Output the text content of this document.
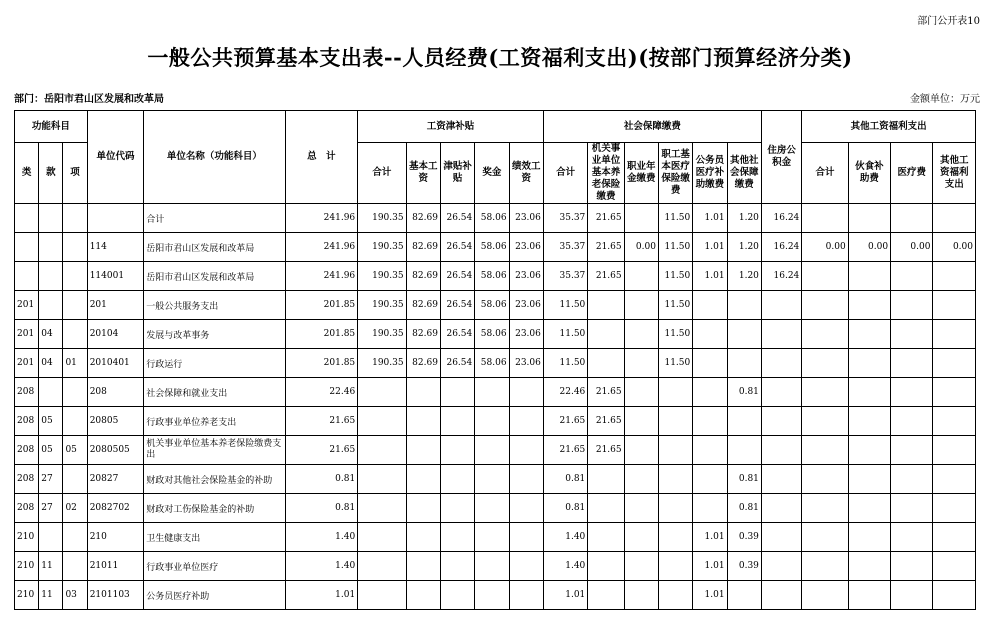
部门公开表10
一般公共预算基本支出表--人员经费(工资福利支出)(按部门预算经济分类)
部门：岳阳市君山区发展和改革局	金额单位：万元
功能科目			单位代码	单位名称（功能科目）	总　计	工资津补贴					社会保障缴费						住房公积金	其他工资福利支出			
类	款	项				合计	基本工资	津贴补贴	奖金	绩效工资	合计	机关事业单位基本养老保险缴费	职业年金缴费	职工基本医疗保险缴费	公务员医疗补助缴费	其他社会保障缴费		合计	伙食补助费	医疗费	其他工资福利支出
				合计	241.96	190.35	82.69	26.54	58.06	23.06	35.37	21.65		11.50	1.01	1.20	16.24				
			114	岳阳市君山区发展和改革局	241.96	190.35	82.69	26.54	58.06	23.06	35.37	21.65	0.00	11.50	1.01	1.20	16.24	0.00	0.00	0.00	0.00
			114001	岳阳市君山区发展和改革局	241.96	190.35	82.69	26.54	58.06	23.06	35.37	21.65		11.50	1.01	1.20	16.24				
201			201	一般公共服务支出	201.85	190.35	82.69	26.54	58.06	23.06	11.50			11.50							
201	04		20104	发展与改革事务	201.85	190.35	82.69	26.54	58.06	23.06	11.50			11.50							
201	04	01	2010401	行政运行	201.85	190.35	82.69	26.54	58.06	23.06	11.50			11.50							
208			208	社会保障和就业支出	22.46						22.46	21.65				0.81					
208	05		20805	行政事业单位养老支出	21.65						21.65	21.65									
208	05	05	2080505	机关事业单位基本养老保险缴费支出	21.65						21.65	21.65									
208	27		20827	财政对其他社会保险基金的补助	0.81						0.81					0.81					
208	27	02	2082702	财政对工伤保险基金的补助	0.81						0.81					0.81					
210			210	卫生健康支出	1.40						1.40				1.01	0.39					
210	11		21011	行政事业单位医疗	1.40						1.40				1.01	0.39					
210	11	03	2101103	公务员医疗补助	1.01						1.01				1.01						
